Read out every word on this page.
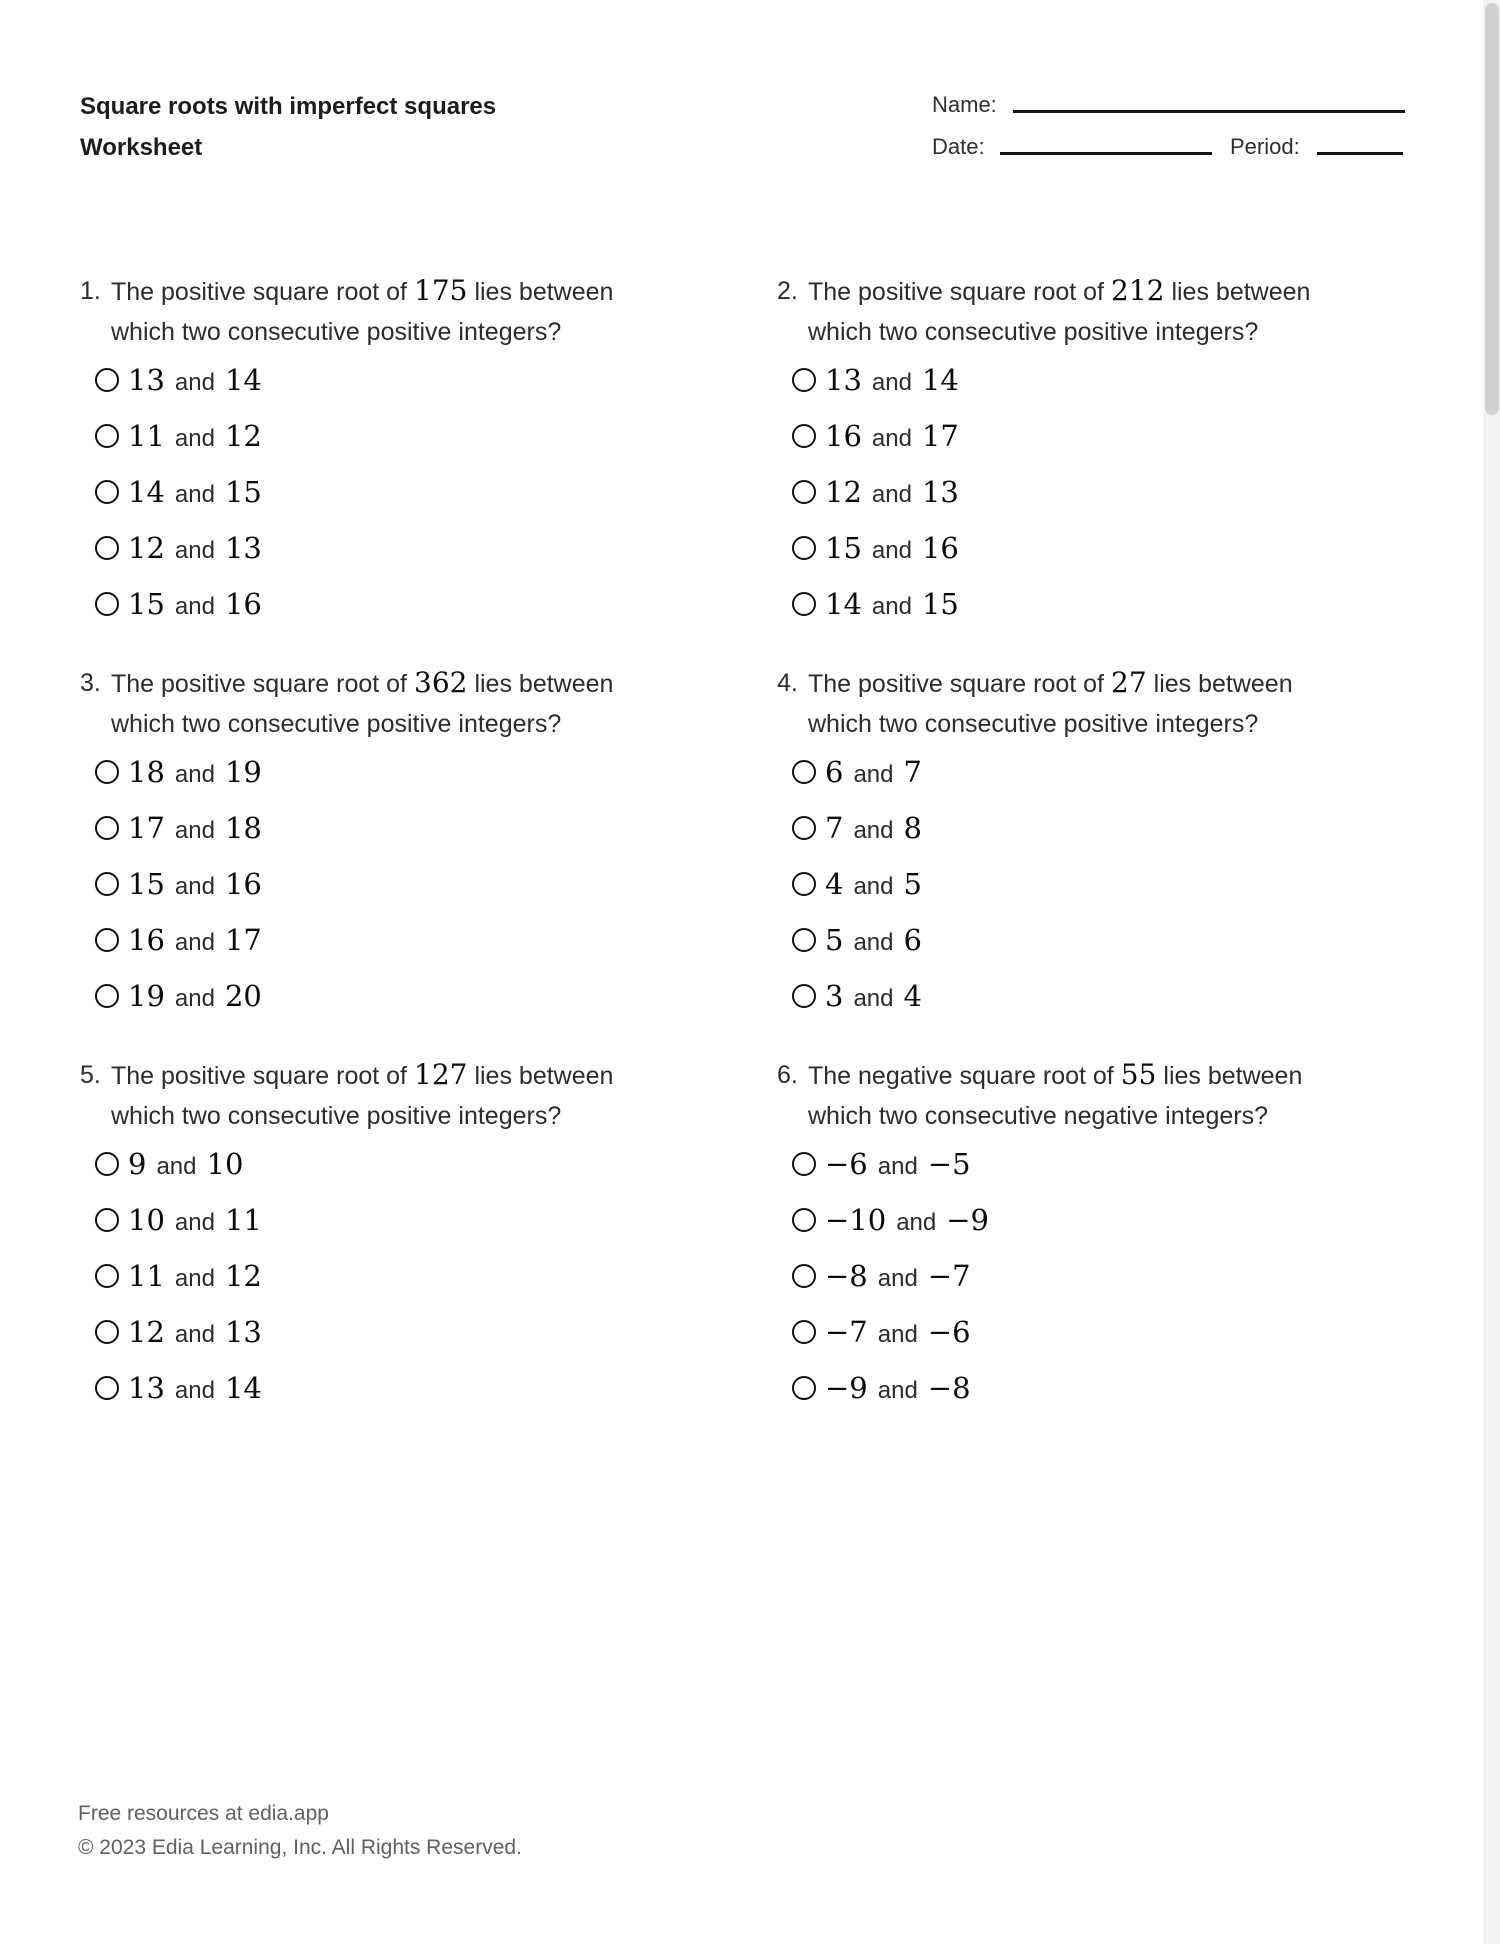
Square roots with imperfect squares
Worksheet
Name:
Date:	Period:
1. The positive square root of 175 lies between
which two consecutive positive integers?
13 and 14
11 and 12
14 and 15
12 and 13
15 and 16
2. The positive square root of 212 lies between
which two consecutive positive integers?
13 and 14
16 and 17
12 and 13
15 and 16
14 and 15
3. The positive square root of 362 lies between
which two consecutive positive integers?
18 and 19
17 and 18
15 and 16
16 and 17
19 and 20
4. The positive square root of 27 lies between
which two consecutive positive integers?
6 and 7
7 and 8
4 and 5
5 and 6
3 and 4
5. The positive square root of 127 lies between
which two consecutive positive integers?
9 and 10
10 and 11
11 and 12
12 and 13
13 and 14
6. The negative square root of 55 lies between
which two consecutive negative integers?
−6 and −5
−10 and −9
−8 and −7
−7 and −6
−9 and −8
Free resources at edia.app
© 2023 Edia Learning, Inc. All Rights Reserved.
